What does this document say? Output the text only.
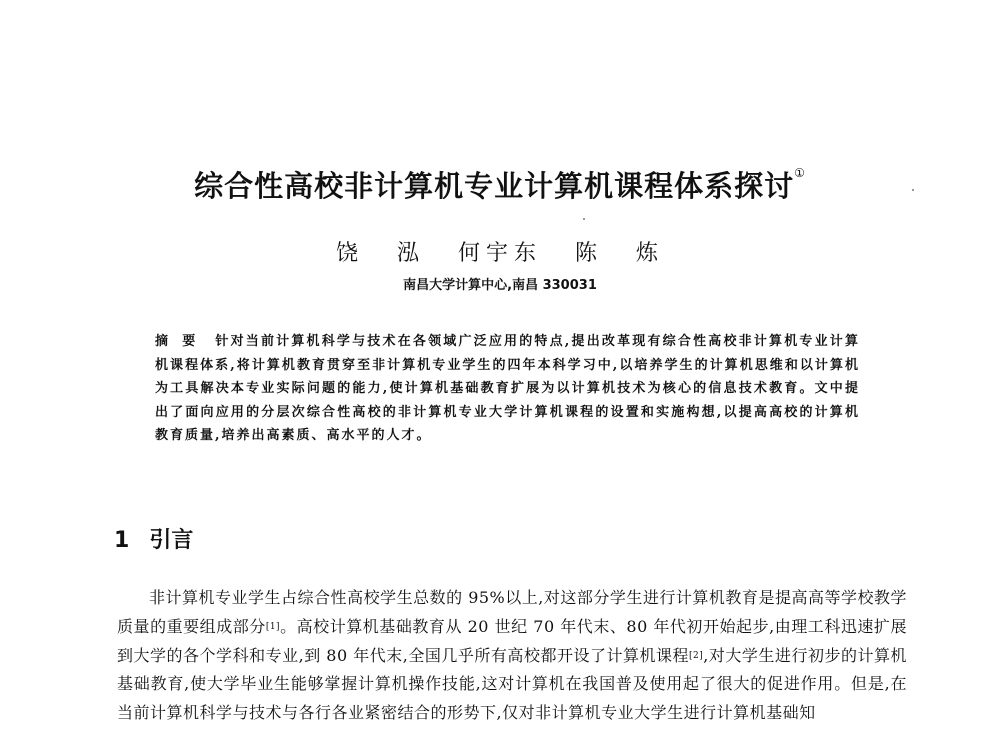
综合性高校非计算机专业计算机课程体系探讨①
饶 泓 何宇东 陈 炼
南昌大学计算中心,南昌 330031
摘要 针对当前计算机科学与技术在各领域广泛应用的特点,提出改革现有综合性高校非计算机专业计算机课程体系,将计算机教育贯穿至非计算机专业学生的四年本科学习中,以培养学生的计算机思维和以计算机为工具解决本专业实际问题的能力,使计算机基础教育扩展为以计算机技术为核心的信息技术教育。文中提出了面向应用的分层次综合性高校的非计算机专业大学计算机课程的设置和实施构想,以提高高校的计算机教育质量,培养出高素质、高水平的人才。
1 引言
非计算机专业学生占综合性高校学生总数的 95%以上,对这部分学生进行计算机教育是提高高等学校教学质量的重要组成部分[1]。高校计算机基础教育从 20 世纪 70 年代末、80 年代初开始起步,由理工科迅速扩展到大学的各个学科和专业,到 80 年代末,全国几乎所有高校都开设了计算机课程[2],对大学生进行初步的计算机基础教育,使大学毕业生能够掌握计算机操作技能,这对计算机在我国普及使用起了很大的促进作用。但是,在当前计算机科学与技术与各行各业紧密结合的形势下,仅对非计算机专业大学生进行计算机基础知
